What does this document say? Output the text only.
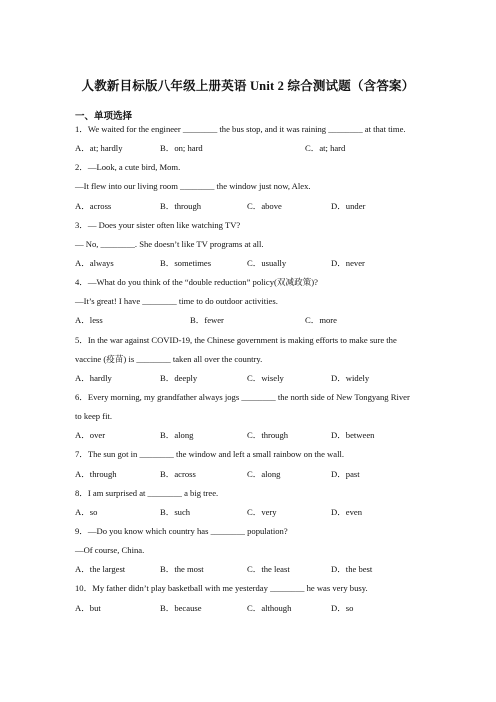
人教新目标版八年级上册英语 Unit 2 综合测试题（含答案）
一、单项选择
1．We waited for the engineer ________ the bus stop, and it was raining ________ at that time.
A．at; hardly	B．on; hard	C．at; hard
2．—Look, a cute bird, Mom.
—It flew into our living room ________ the window just now, Alex.
A．across	B．through	C．above	D．under
3．— Does your sister often like watching TV?
— No, ________. She doesn’t like TV programs at all.
A．always	B．sometimes	C．usually	D．never
4．—What do you think of the “double reduction” policy(双减政策)?
—It’s great! I have ________ time to do outdoor activities.
A．less	B．fewer	C．more
5．In the war against COVID-19, the Chinese government is making efforts to make sure the
vaccine (疫苗) is ________ taken all over the country.
A．hardly	B．deeply	C．wisely	D．widely
6．Every morning, my grandfather always jogs ________ the north side of New Tongyang River
to keep fit.
A．over	B．along	C．through	D．between
7．The sun got in ________ the window and left a small rainbow on the wall.
A．through	B．across	C．along	D．past
8．I am surprised at ________ a big tree.
A．so	B．such	C．very	D．even
9．—Do you know which country has ________ population?
—Of course, China.
A．the largest	B．the most	C．the least	D．the best
10．My father didn’t play basketball with me yesterday ________ he was very busy.
A．but	B．because	C．although	D．so
